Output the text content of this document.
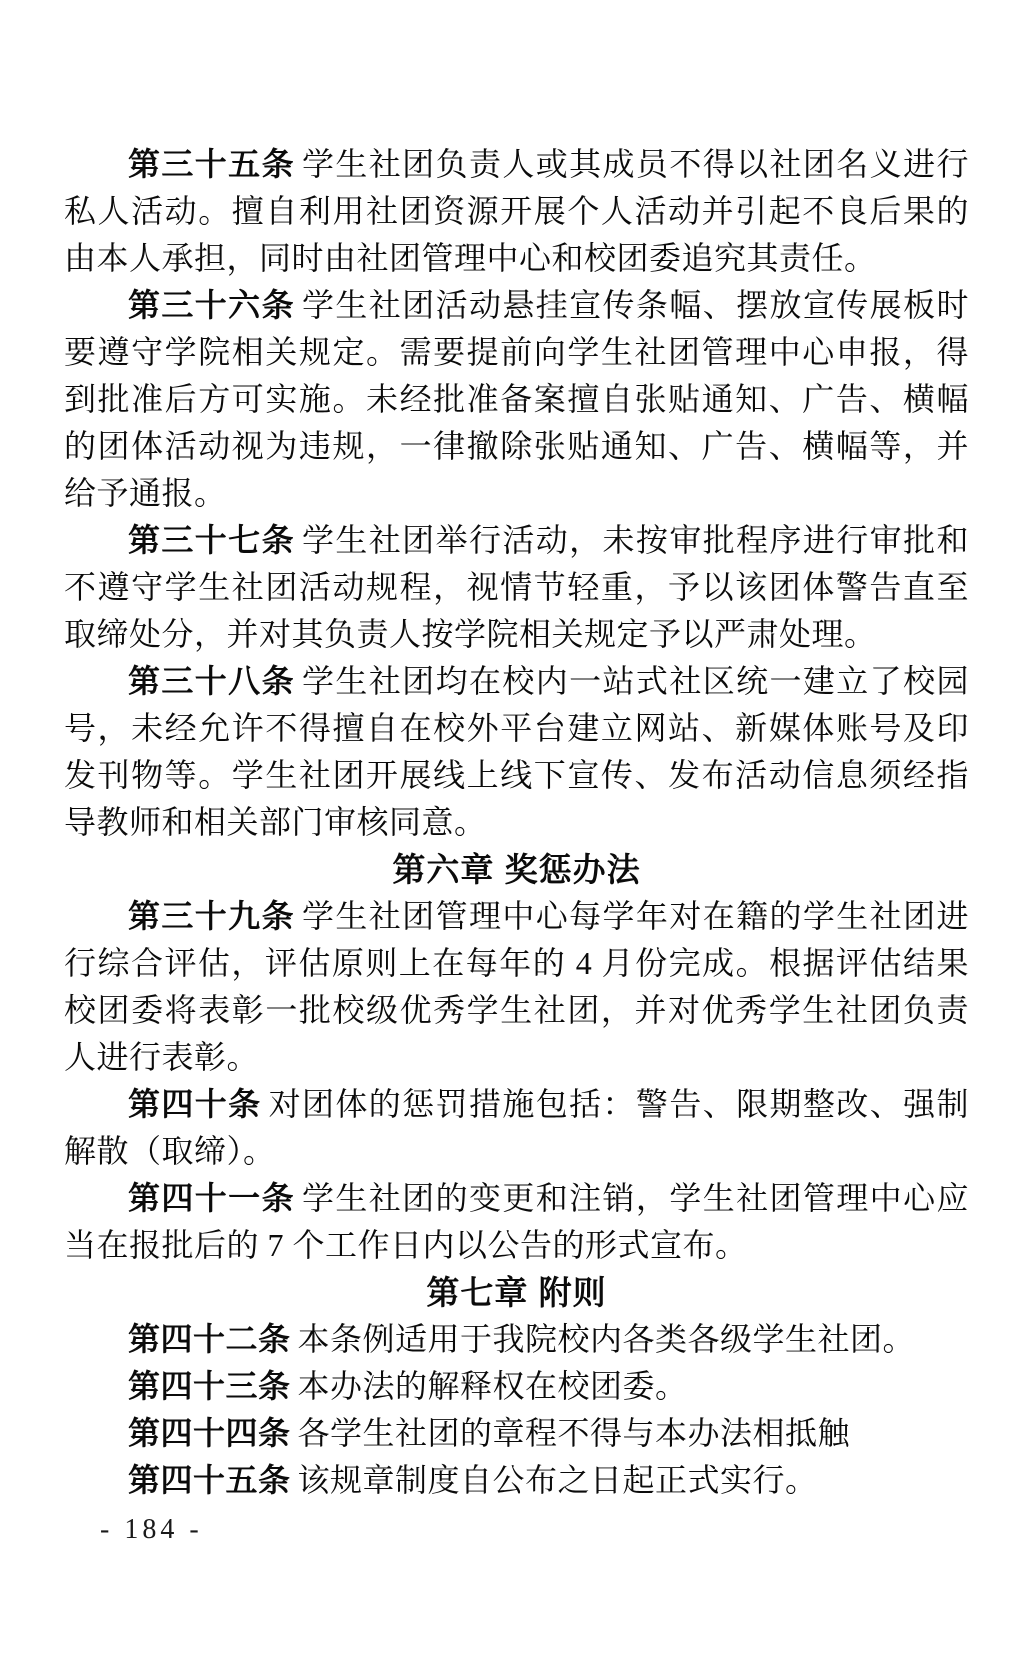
第三十五条 学生社团负责人或其成员不得以社团名义进行私人活动。擅自利用社团资源开展个人活动并引起不良后果的由本人承担，同时由社团管理中心和校团委追究其责任。

第三十六条 学生社团活动悬挂宣传条幅、摆放宣传展板时要遵守学院相关规定。需要提前向学生社团管理中心申报，得到批准后方可实施。未经批准备案擅自张贴通知、广告、横幅的团体活动视为违规，一律撤除张贴通知、广告、横幅等，并给予通报。

第三十七条 学生社团举行活动，未按审批程序进行审批和不遵守学生社团活动规程，视情节轻重，予以该团体警告直至取缔处分，并对其负责人按学院相关规定予以严肃处理。

第三十八条 学生社团均在校内一站式社区统一建立了校园号，未经允许不得擅自在校外平台建立网站、新媒体账号及印发刊物等。学生社团开展线上线下宣传、发布活动信息须经指导教师和相关部门审核同意。

第六章 奖惩办法

第三十九条 学生社团管理中心每学年对在籍的学生社团进行综合评估，评估原则上在每年的 4 月份完成。根据评估结果校团委将表彰一批校级优秀学生社团，并对优秀学生社团负责人进行表彰。

第四十条 对团体的惩罚措施包括：警告、限期整改、强制解散（取缔）。

第四十一条 学生社团的变更和注销，学生社团管理中心应当在报批后的 7 个工作日内以公告的形式宣布。

第七章 附则

第四十二条 本条例适用于我院校内各类各级学生社团。

第四十三条 本办法的解释权在校团委。

第四十四条 各学生社团的章程不得与本办法相抵触

第四十五条 该规章制度自公布之日起正式实行。

- 184 -
